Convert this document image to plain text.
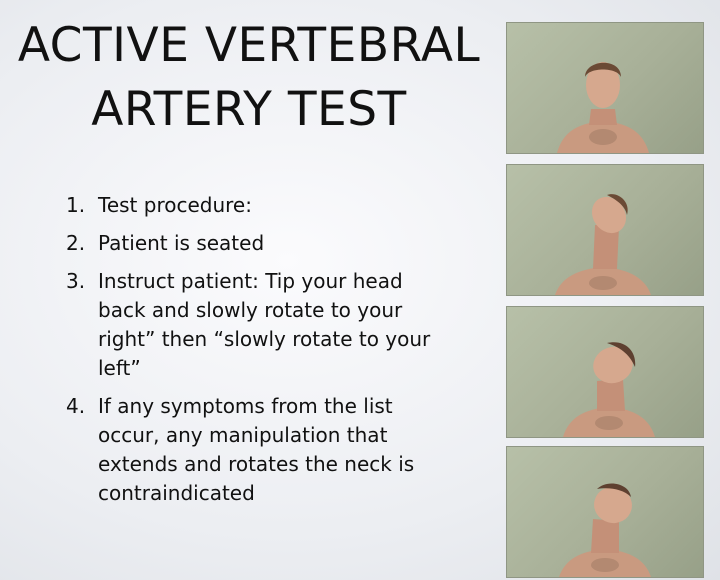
ACTIVE VERTEBRAL
ARTERY TEST
1. Test procedure:
2. Patient is seated
3. Instruct patient: Tip your head back and slowly rotate to your right” then “slowly rotate to your left”
4. If any symptoms from the list occur, any manipulation that extends and rotates the neck is contraindicated
